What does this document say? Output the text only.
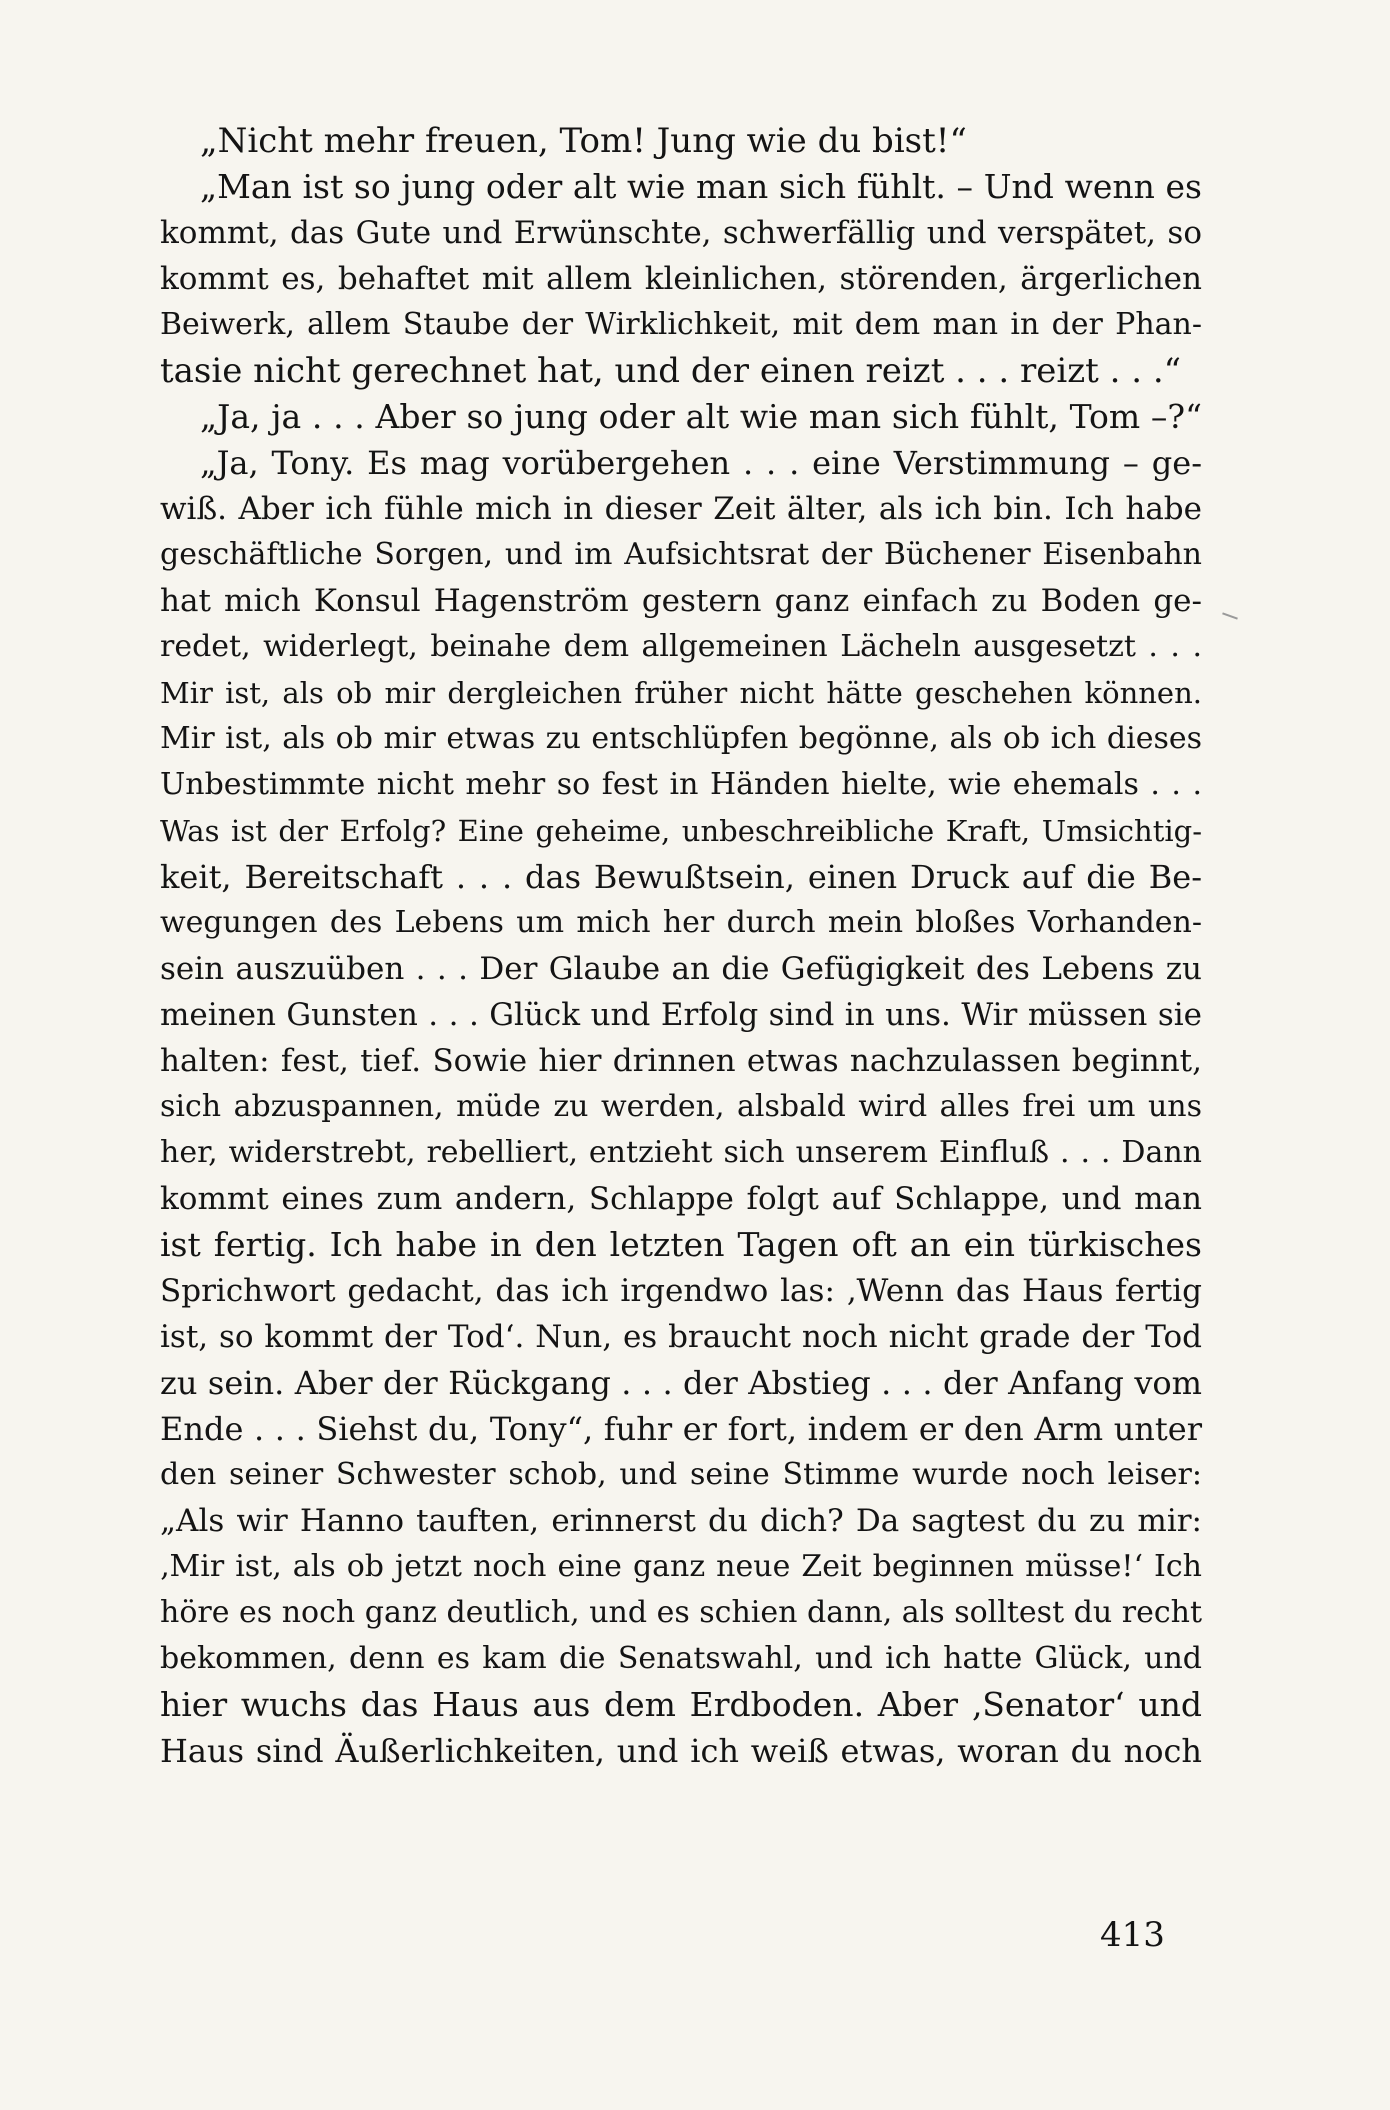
„Nicht mehr freuen, Tom! Jung wie du bist!“
„Man ist so jung oder alt wie man sich fühlt. – Und wenn es
kommt, das Gute und Erwünschte, schwerfällig und verspätet, so
kommt es, behaftet mit allem kleinlichen, störenden, ärgerlichen
Beiwerk, allem Staube der Wirklichkeit, mit dem man in der Phan-
tasie nicht gerechnet hat, und der einen reizt . . . reizt . . .“
„Ja, ja . . . Aber so jung oder alt wie man sich fühlt, Tom –?“
„Ja, Tony. Es mag vorübergehen . . . eine Verstimmung – ge-
wiß. Aber ich fühle mich in dieser Zeit älter, als ich bin. Ich habe
geschäftliche Sorgen, und im Aufsichtsrat der Büchener Eisenbahn
hat mich Konsul Hagenström gestern ganz einfach zu Boden ge-
redet, widerlegt, beinahe dem allgemeinen Lächeln ausgesetzt . . .
Mir ist, als ob mir dergleichen früher nicht hätte geschehen können.
Mir ist, als ob mir etwas zu entschlüpfen begönne, als ob ich dieses
Unbestimmte nicht mehr so fest in Händen hielte, wie ehemals . . .
Was ist der Erfolg? Eine geheime, unbeschreibliche Kraft, Umsichtig-
keit, Bereitschaft . . . das Bewußtsein, einen Druck auf die Be-
wegungen des Lebens um mich her durch mein bloßes Vorhanden-
sein auszuüben . . . Der Glaube an die Gefügigkeit des Lebens zu
meinen Gunsten . . . Glück und Erfolg sind in uns. Wir müssen sie
halten: fest, tief. Sowie hier drinnen etwas nachzulassen beginnt,
sich abzuspannen, müde zu werden, alsbald wird alles frei um uns
her, widerstrebt, rebelliert, entzieht sich unserem Einfluß . . . Dann
kommt eines zum andern, Schlappe folgt auf Schlappe, und man
ist fertig. Ich habe in den letzten Tagen oft an ein türkisches
Sprichwort gedacht, das ich irgendwo las: ‚Wenn das Haus fertig
ist, so kommt der Tod‘. Nun, es braucht noch nicht grade der Tod
zu sein. Aber der Rückgang . . . der Abstieg . . . der Anfang vom
Ende . . . Siehst du, Tony“, fuhr er fort, indem er den Arm unter
den seiner Schwester schob, und seine Stimme wurde noch leiser:
„Als wir Hanno tauften, erinnerst du dich? Da sagtest du zu mir:
‚Mir ist, als ob jetzt noch eine ganz neue Zeit beginnen müsse!‘ Ich
höre es noch ganz deutlich, und es schien dann, als solltest du recht
bekommen, denn es kam die Senatswahl, und ich hatte Glück, und
hier wuchs das Haus aus dem Erdboden. Aber ‚Senator‘ und
Haus sind Äußerlichkeiten, und ich weiß etwas, woran du noch
413
